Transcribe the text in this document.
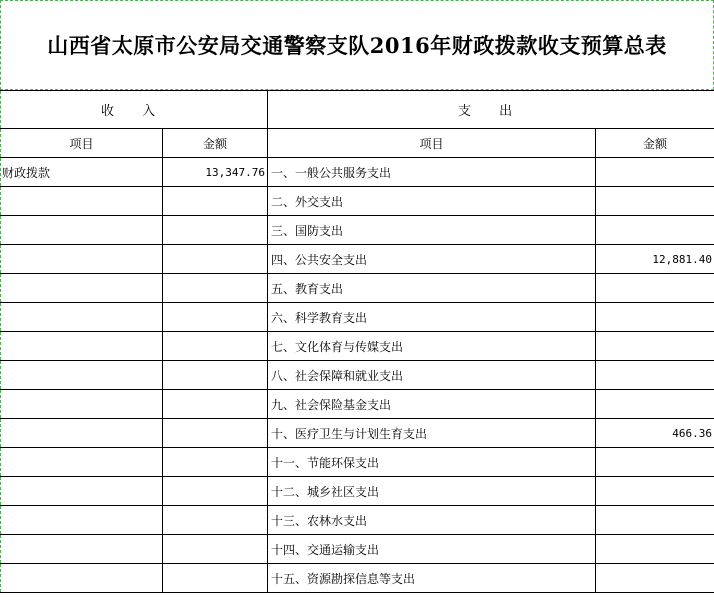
山西省太原市公安局交通警察支队2016年财政拨款收支预算总表
收 入		支 出	
项目	金额	项目	金额
财政拨款	13,347.76	一、一般公共服务支出	
		二、外交支出	
		三、国防支出	
		四、公共安全支出	12,881.40
		五、教育支出	
		六、科学教育支出	
		七、文化体育与传媒支出	
		八、社会保障和就业支出	
		九、社会保险基金支出	
		十、医疗卫生与计划生育支出	466.36
		十一、节能环保支出	
		十二、城乡社区支出	
		十三、农林水支出	
		十四、交通运输支出	
		十五、资源勘探信息等支出	
